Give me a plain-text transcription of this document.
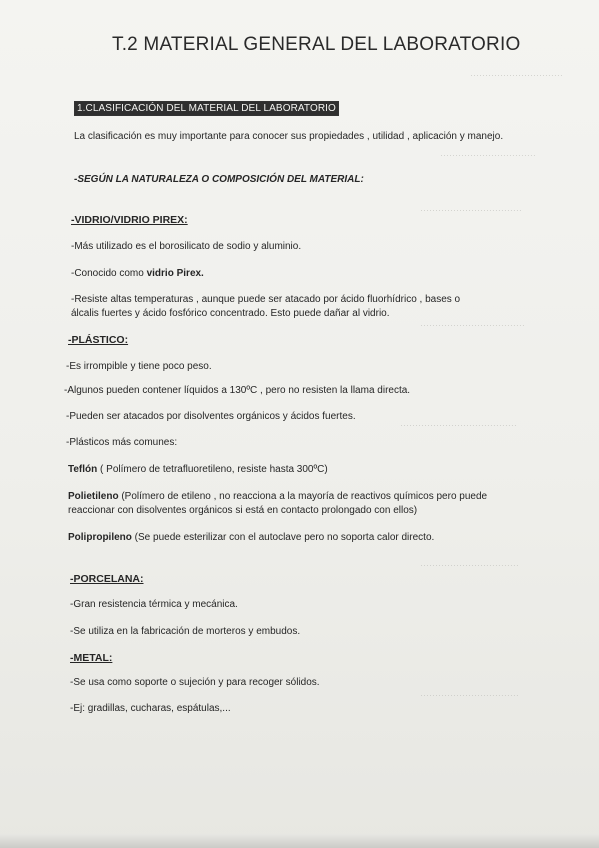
·······························
································
··································
···································
·······································
·································
·································
T.2 MATERIAL GENERAL DEL LABORATORIO
1.CLASIFICACIÓN DEL MATERIAL DEL LABORATORIO
La clasificación es muy importante para conocer sus propiedades , utilidad , aplicación y manejo.
-SEGÚN LA NATURALEZA O COMPOSICIÓN DEL MATERIAL:
-VIDRIO/VIDRIO PIREX:
-Más utilizado es el borosilicato de sodio y aluminio.
-Conocido como vidrio Pirex.
-Resiste altas temperaturas , aunque puede ser atacado por ácido fluorhídrico , bases o
álcalis fuertes y ácido fosfórico concentrado. Esto puede dañar al vidrio.
-PLÁSTICO:
-Es irrompible y tiene poco peso.
-Algunos pueden contener líquidos a 130ºC , pero no resisten la llama directa.
-Pueden ser atacados por disolventes orgánicos y ácidos fuertes.
-Plásticos más comunes:
Teflón ( Polímero de tetrafluoretileno, resiste hasta 300ºC)
Polietileno (Polímero de etileno , no reacciona a la mayoría de reactivos químicos pero puede
reaccionar con disolventes orgánicos si está en contacto prolongado con ellos)
Polipropileno (Se puede esterilizar con el autoclave pero no soporta calor directo.
-PORCELANA:
-Gran resistencia térmica y mecánica.
-Se utiliza en la fabricación de morteros y embudos.
-METAL:
-Se usa como soporte o sujeción y para recoger sólidos.
-Ej: gradillas, cucharas, espátulas,...
